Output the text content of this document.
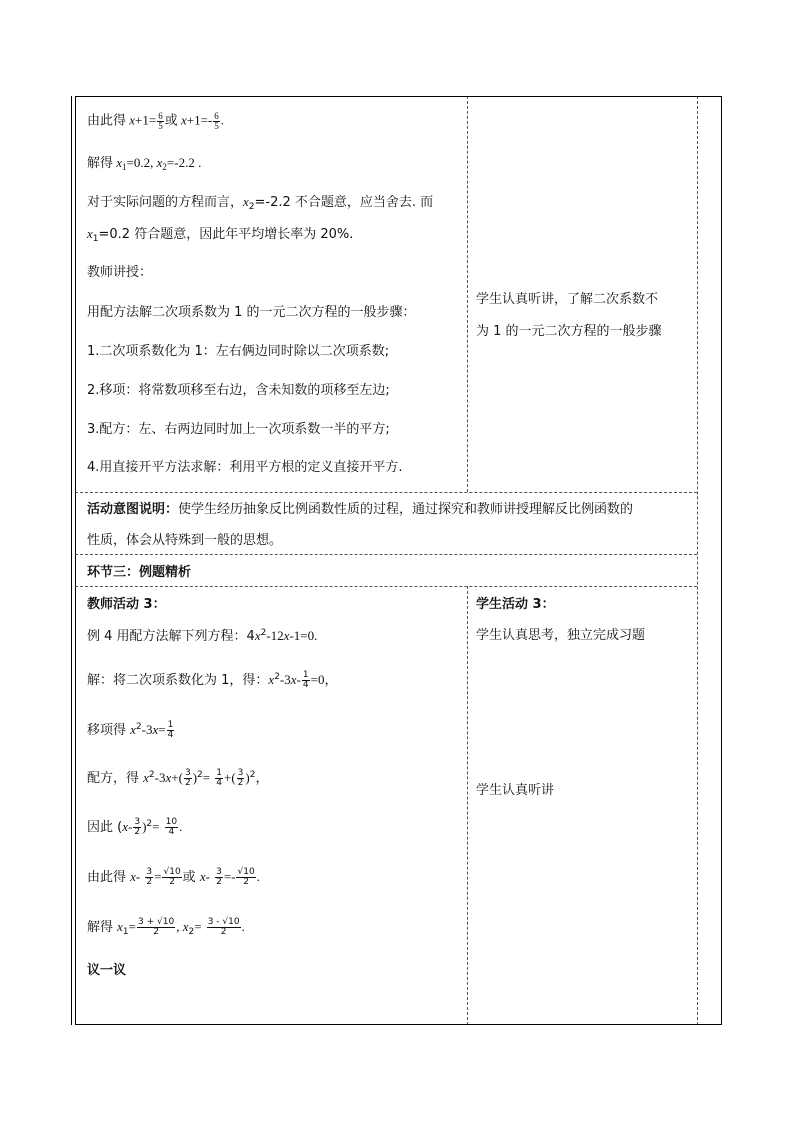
由此得 $x+1= \frac{6}{5}$ 或 $x+1=- \frac{6}{5}$ .
解得 $x_1=0.2$, $x_2=-2.2$ .
对于实际问题的方程而言，$x_2=-2.2$ 不合题意，应当舍去. 而
$x_1=0.2$ 符合题意，因此年平均增长率为 20%.
教师讲授：
用配方法解二次项系数为 1 的一元二次方程的一般步骤：
1.二次项系数化为 1：左右俩边同时除以二次项系数;
2.移项：将常数项移至右边，含未知数的项移至左边;
3.配方：左、右两边同时加上一次项系数一半的平方;
4.用直接开平方法求解：利用平方根的定义直接开平方.
学生认真听讲，了解二次系数不
为 1 的一元二次方程的一般步骤
活动意图说明：使学生经历抽象反比例函数性质的过程，通过探究和教师讲授理解反比例函数的
性质，体会从特殊到一般的思想。
环节三：例题精析
教师活动 3：	学生活动 3：
例 4 用配方法解下列方程：$4x^2-12x-1=0$.
解：将二次项系数化为 1，得：$x^2-3x- \frac{1}{4} =0$，
移项得 $x^2-3x= \frac{1}{4}$
配方，得 $x^2-3x+( \frac{3}{2} )^2= \frac{1}{4}$ +( $\frac{3}{2} )^2$，
因此 $(x- \frac{3}{2} )^2= \frac{10}{4}$ .
由此得 $x- \frac{3}{2} = \frac{√10}{2}$ 或 $x- \frac{3}{2} =- \frac{√10}{2}$ .
解得 $x_1= \frac{3 + √10}{2}$ , $x_2= \frac{3 - √10}{2}$ .
议一议
学生认真思考，独立完成习题
学生认真听讲
